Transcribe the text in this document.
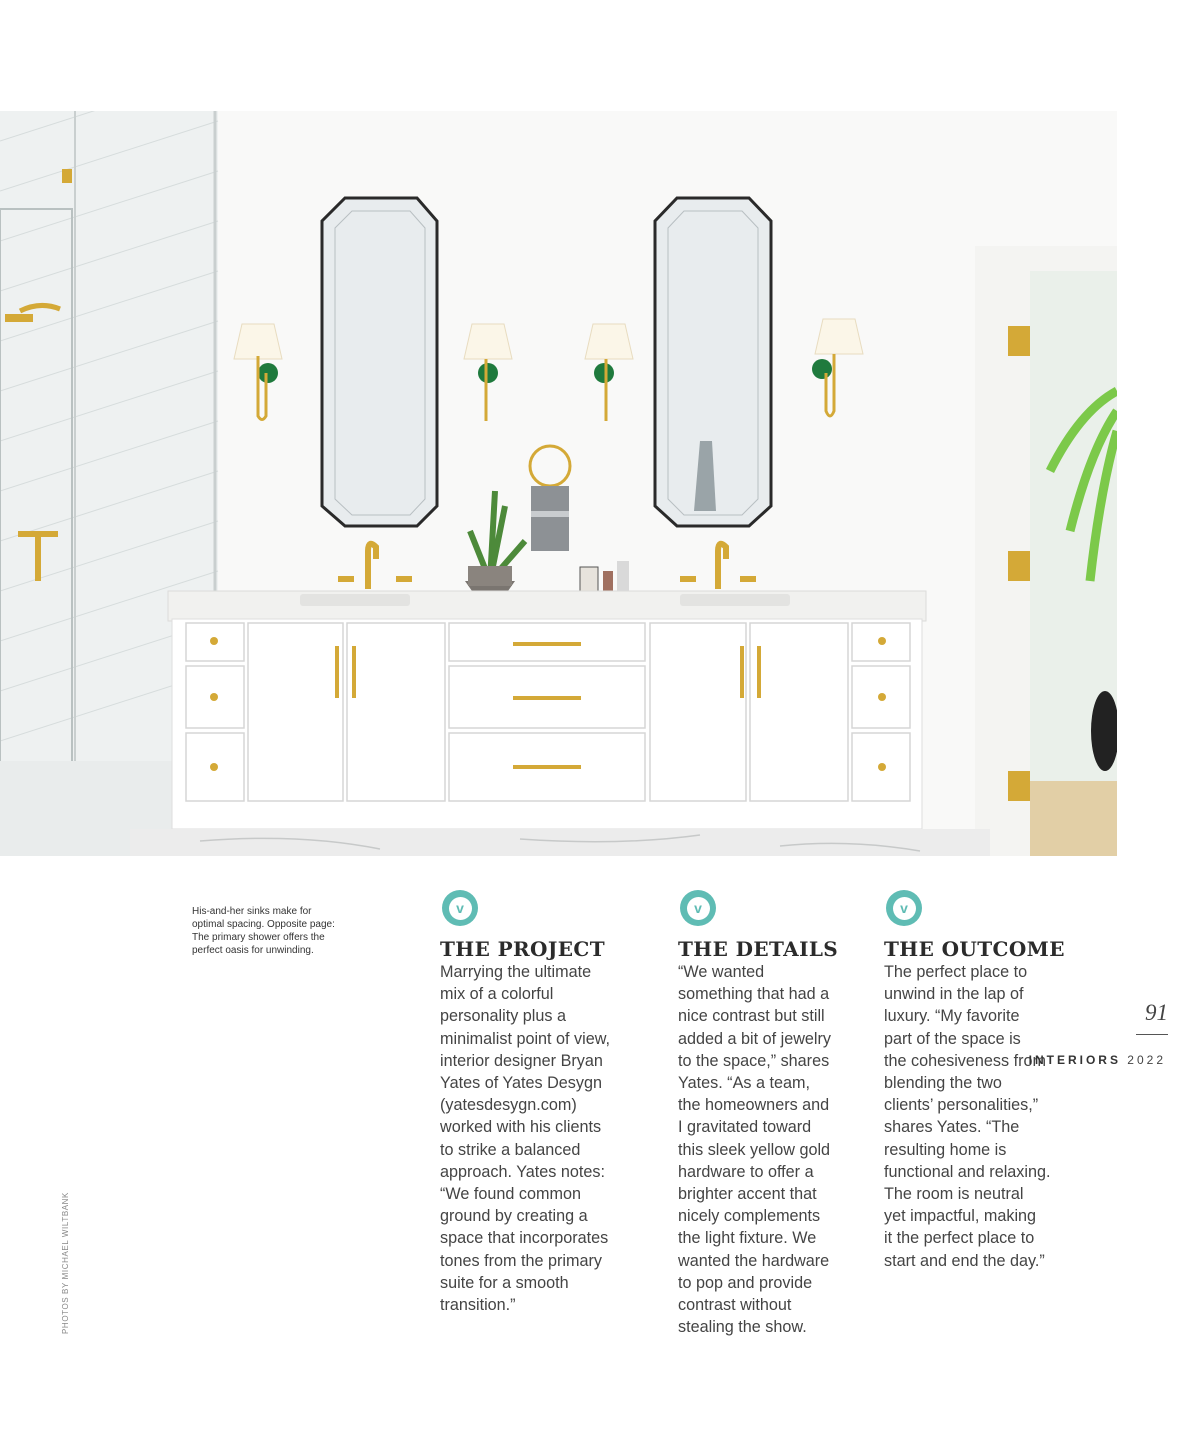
His-and-her sinks make for
optimal spacing. Opposite page:
The primary shower offers the
perfect oasis for unwinding.
PHOTOS BY MICHAEL WILTBANK
v
THE PROJECT

Marrying the ultimate
mix of a colorful
personality plus a
minimalist point of view,
interior designer Bryan
Yates of Yates Desygn
(yatesdesygn.com)
worked with his clients
to strike a balanced
approach. Yates notes:
“We found common
ground by creating a
space that incorporates
tones from the primary
suite for a smooth
transition.”

v
THE DETAILS

“We wanted
something that had a
nice contrast but still
added a bit of jewelry
to the space,” shares
Yates. “As a team,
the homeowners and
I gravitated toward
this sleek yellow gold
hardware to offer a
brighter accent that
nicely complements
the light fixture. We
wanted the hardware
to pop and provide
contrast without
stealing the show.

v
THE OUTCOME

The perfect place to
unwind in the lap of
luxury. “My favorite
part of the space is
the cohesiveness from
blending the two
clients’ personalities,”
shares Yates. “The
resulting home is
functional and relaxing.
The room is neutral
yet impactful, making
it the perfect place to
start and end the day.”

91
INTERIORS 2022
